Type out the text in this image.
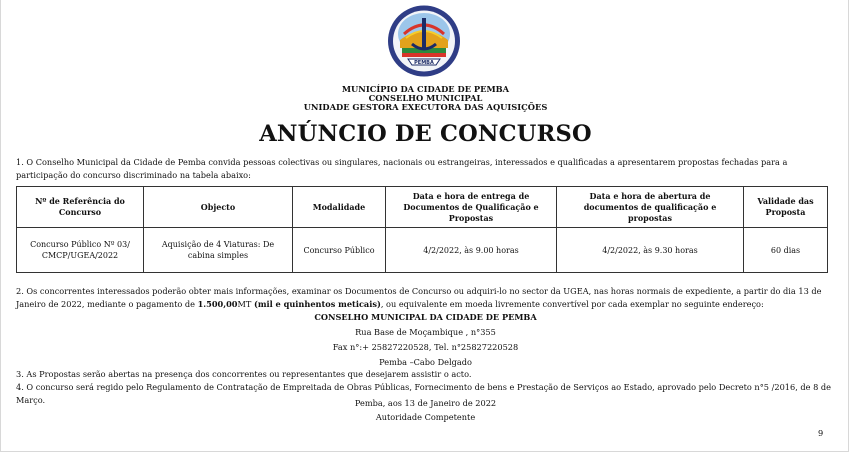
PEMBA
MUNICÍPIO DA CIDADE DE PEMBA
CONSELHO MUNICIPAL
UNIDADE GESTORA EXECUTORA DAS AQUISIÇÕES
ANÚNCIO DE CONCURSO
1. O Conselho Municipal da Cidade de Pemba convida pessoas colectivas ou singulares, nacionais ou estrangeiras, interessados e qualificadas a apresentarem propostas fechadas para a participação do concurso discriminado na tabela abaixo:
Nº de Referência do Concurso	Objecto	Modalidade	Data e hora de entrega de Documentos de Qualificação e Propostas	Data e hora de abertura de documentos de qualificação e propostas	Validade das Proposta
Concurso Público Nº 03/ CMCP/UGEA/2022	Aquisição de 4 Viaturas: De cabina simples	Concurso Público	4/2/2022, às 9.00 horas	4/2/2022, às 9.30 horas	60 dias
2. Os concorrentes interessados poderão obter mais informações, examinar os Documentos de Concurso ou adquiri-lo no sector da UGEA, nas horas normais de expediente, a partir do dia 13 de Janeiro de 2022, mediante o pagamento de 1.500,00MT (mil e quinhentos meticais), ou equivalente em moeda livremente convertível por cada exemplar no seguinte endereço:
CONSELHO MUNICIPAL DA CIDADE DE PEMBA
Rua Base de Moçambique , n°355
Fax n°:+ 25827220528, Tel. n°25827220528
Pemba –Cabo Delgado
3. As Propostas serão abertas na presença dos concorrentes ou representantes que desejarem assistir o acto.
4. O concurso será regido pelo Regulamento de Contratação de Empreitada de Obras Públicas, Fornecimento de bens e Prestação de Serviços ao Estado, aprovado pelo Decreto n°5 /2016, de 8 de Março.	Pemba, aos 13 de Janeiro de 2022
Autoridade Competente
9
